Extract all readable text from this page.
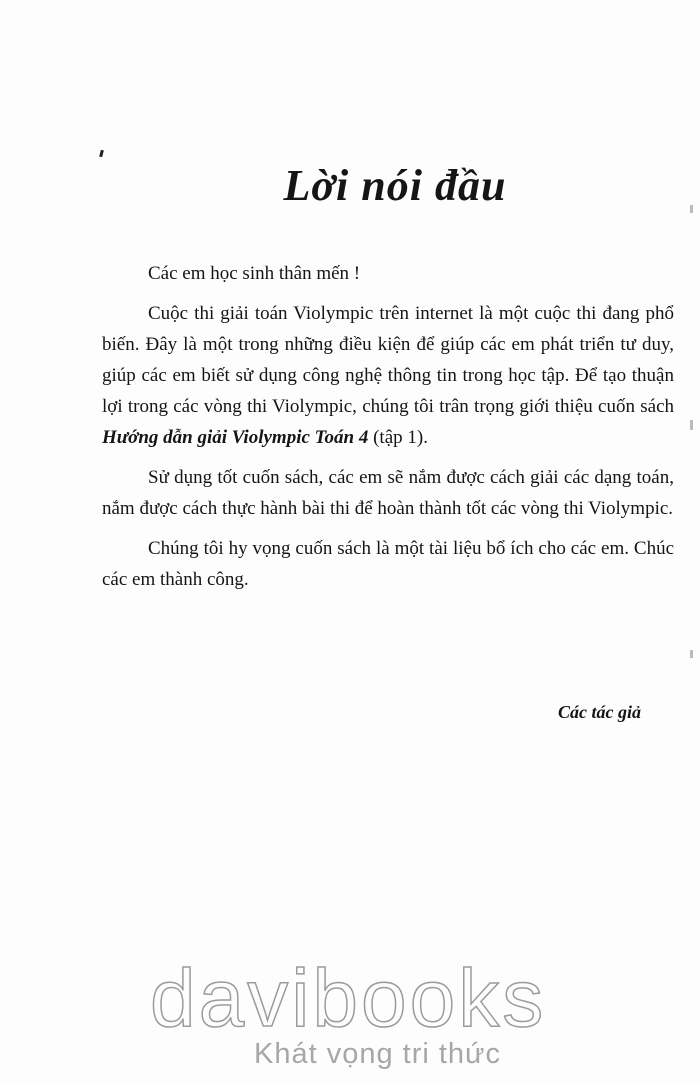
Lời nói đầu

Các em học sinh thân mến !

Cuộc thi giải toán Violympic trên internet là một cuộc thi đang phổ biến. Đây là một trong những điều kiện để giúp các em phát triển tư duy, giúp các em biết sử dụng công nghệ thông tin trong học tập. Để tạo thuận lợi trong các vòng thi Violympic, chúng tôi trân trọng giới thiệu cuốn sách Hướng dẫn giải Violympic Toán 4 (tập 1).

Sử dụng tốt cuốn sách, các em sẽ nắm được cách giải các dạng toán, nắm được cách thực hành bài thi để hoàn thành tốt các vòng thi Violympic.

Chúng tôi hy vọng cuốn sách là một tài liệu bổ ích cho các em. Chúc các em thành công.

Các tác giả
davibooks
Khát vọng tri thức
